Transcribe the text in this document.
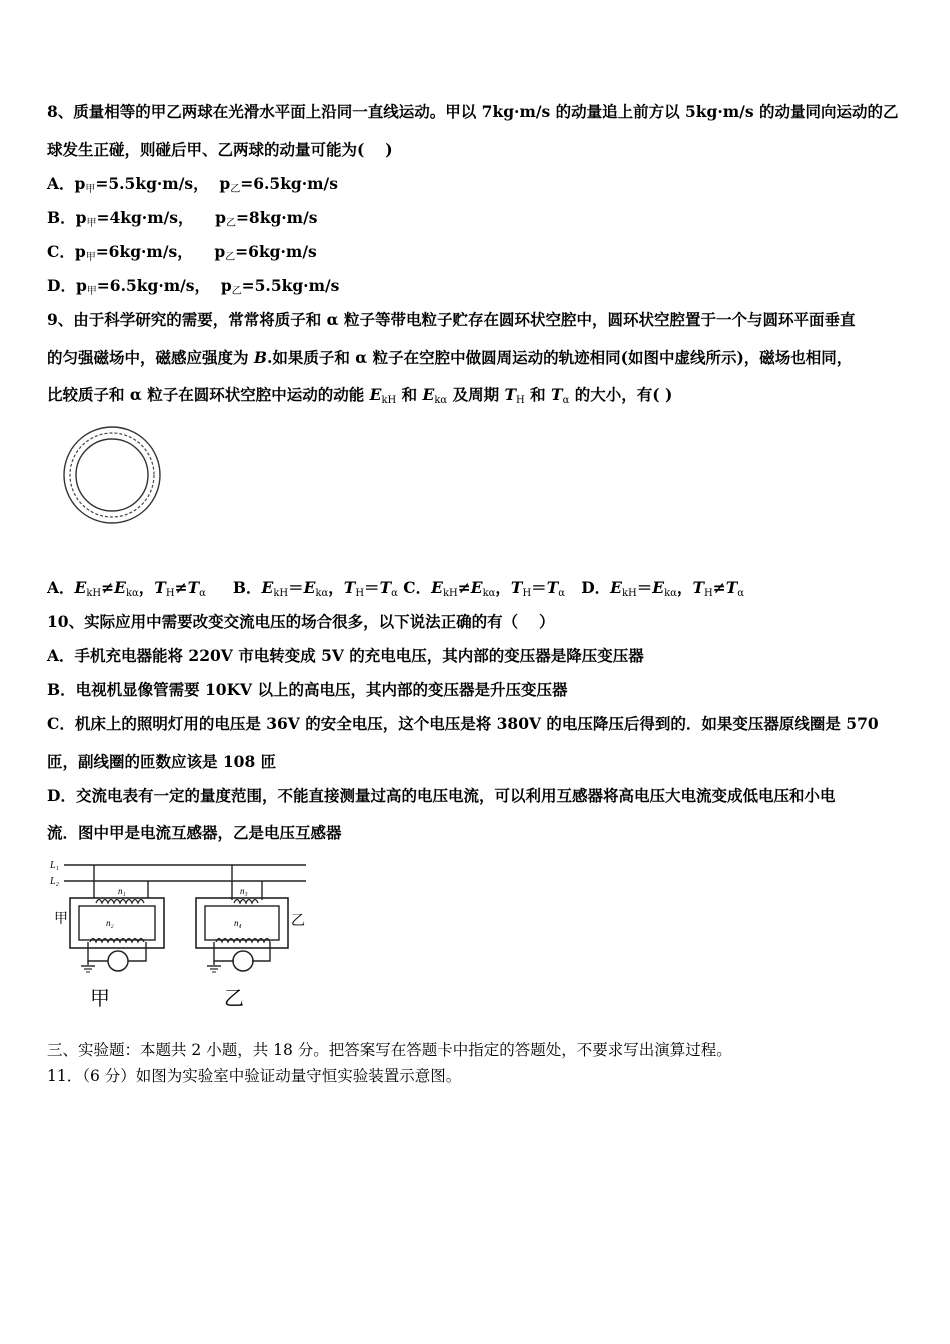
8、质量相等的甲乙两球在光滑水平面上沿同一直线运动。甲以 7kg·m/s 的动量追上前方以 5kg·m/s 的动量同向运动的乙
球发生正碰，则碰后甲、乙两球的动量可能为(　 )
A．$p_甲=5.5kg\cdot m/s$， $p_乙=6.5kg\cdot m/s$
B．$p_甲=4kg\cdot m/s$， $p_乙=8kg\cdot m/s$
C．$p_甲=6kg\cdot m/s$， $p_乙=6kg\cdot m/s$
D．$p_甲=6.5kg\cdot m/s$， $p_乙=5.5kg\cdot m/s$
9、由于科学研究的需要，常常将质子和 α 粒子等带电粒子贮存在圆环状空腔中，圆环状空腔置于一个与圆环平面垂直
的匀强磁场中，磁感应强度为 B.如果质子和 α 粒子在空腔中做圆周运动的轨迹相同(如图中虚线所示)，磁场也相同，
比较质子和 α 粒子在圆环状空腔中运动的动能 $E_{kH}$ 和 $E_{k\alpha}$ 及周期 $T_H$ 和 $T_\alpha$ 的大小，有( )
A．$E_{kH}\ne E_{k\alpha}$，$T_H\ne T_\alpha$ B．$E_{kH}=E_{k\alpha}$，$T_H=T_\alpha$ C．$E_{kH}\ne E_{k\alpha}$，$T_H=T_\alpha$ D．$E_{kH}=E_{k\alpha}$，$T_H\ne T_\alpha$
10、实际应用中需要改变交流电压的场合很多，以下说法正确的有（　 ）
A．手机充电器能将 220V 市电转变成 5V 的充电电压，其内部的变压器是降压变压器
B．电视机显像管需要 10KV 以上的高电压，其内部的变压器是升压变压器
C．机床上的照明灯用的电压是 36V 的安全电压，这个电压是将 380V 的电压降压后得到的．如果变压器原线圈是 570
匝，副线圈的匝数应该是 108 匝
D．交流电表有一定的量度范围，不能直接测量过高的电压电流，可以利用互感器将高电压大电流变成低电压和小电
流．图中甲是电流互感器，乙是电压互感器
L₁
L₂
n₁
n₂
甲
n₃
n₄	乙
甲	乙
三、实验题：本题共 2 小题，共 18 分。把答案写在答题卡中指定的答题处，不要求写出演算过程。
11．（6 分）如图为实验室中验证动量守恒实验装置示意图。
